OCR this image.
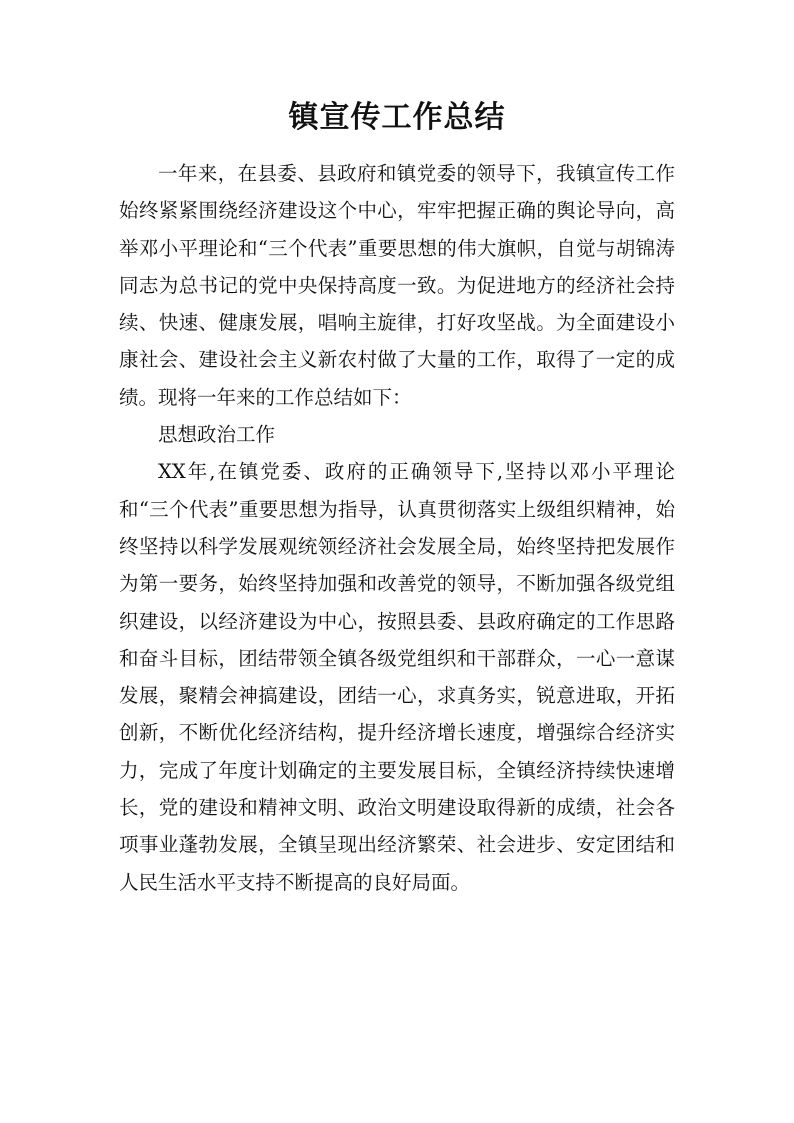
镇宣传工作总结

一年来，在县委、县政府和镇党委的领导下，我镇宣传工作始终紧紧围绕经济建设这个中心，牢牢把握正确的舆论导向，高举邓小平理论和“三个代表”重要思想的伟大旗帜，自觉与胡锦涛同志为总书记的党中央保持高度一致。为促进地方的经济社会持续、快速、健康发展，唱响主旋律，打好攻坚战。为全面建设小康社会、建设社会主义新农村做了大量的工作，取得了一定的成绩。现将一年来的工作总结如下：

思想政治工作

XX年,在镇党委、政府的正确领导下,坚持以邓小平理论和“三个代表”重要思想为指导，认真贯彻落实上级组织精神，始终坚持以科学发展观统领经济社会发展全局，始终坚持把发展作为第一要务，始终坚持加强和改善党的领导，不断加强各级党组织建设，以经济建设为中心，按照县委、县政府确定的工作思路和奋斗目标，团结带领全镇各级党组织和干部群众，一心一意谋发展，聚精会神搞建设，团结一心，求真务实，锐意进取，开拓创新，不断优化经济结构，提升经济增长速度，增强综合经济实力，完成了年度计划确定的主要发展目标，全镇经济持续快速增长，党的建设和精神文明、政治文明建设取得新的成绩，社会各项事业蓬勃发展，全镇呈现出经济繁荣、社会进步、安定团结和人民生活水平支持不断提高的良好局面。
